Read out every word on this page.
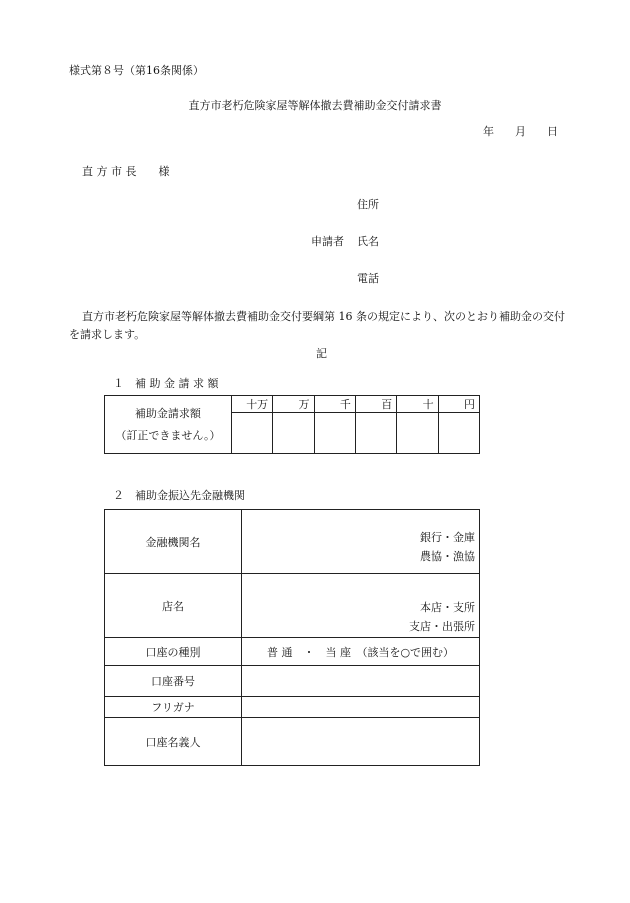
様式第８号（第16条関係）
直方市老朽危険家屋等解体撤去費補助金交付請求書
年 月 日
直 方 市 長　　様
住所
申請者 氏名
電話
直方市老朽危険家屋等解体撤去費補助金交付要綱第 16 条の規定により、次のとおり補助金の交付
を請求します。
記
１　補 助 金 請 求 額
補助金請求額
（訂正できません。）	十万	万	千	百	十	円

２　補助金振込先金融機関
金融機関名	銀行・金庫
農協・漁協

店名	本店・支所
支店・出張所

口座の種別	普 通　・　当 座　（該当を○で囲む）
口座番号	
フリガナ	
口座名義人	
